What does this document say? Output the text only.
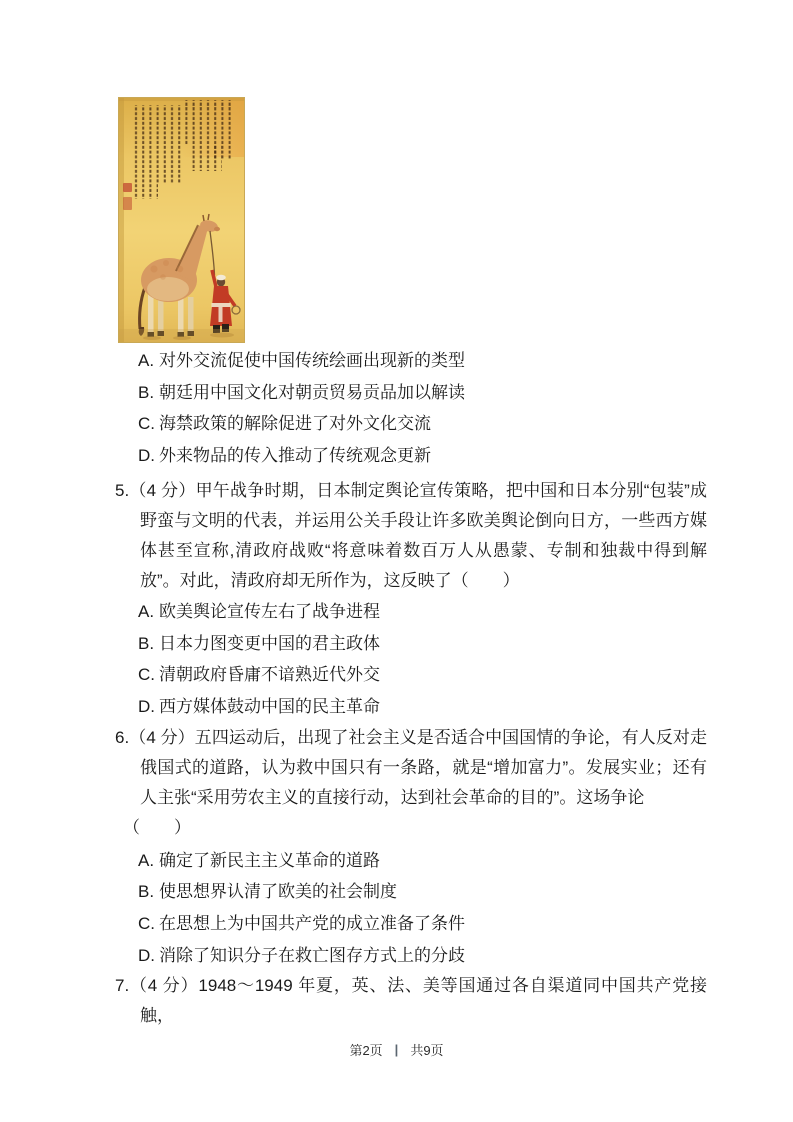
A. 对外交流促使中国传统绘画出现新的类型
B. 朝廷用中国文化对朝贡贸易贡品加以解读
C. 海禁政策的解除促进了对外文化交流
D. 外来物品的传入推动了传统观念更新

5.（4 分）甲午战争时期，日本制定舆论宣传策略，把中国和日本分别“包装”成野蛮与文明的代表，并运用公关手段让许多欧美舆论倒向日方，一些西方媒体甚至宣称,清政府战败“将意味着数百万人从愚蒙、专制和独裁中得到解放”。对此，清政府却无所作为，这反映了（　　）

A. 欧美舆论宣传左右了战争进程
B. 日本力图变更中国的君主政体
C. 清朝政府昏庸不谙熟近代外交
D. 西方媒体鼓动中国的民主革命

6.（4 分）五四运动后，出现了社会主义是否适合中国国情的争论，有人反对走俄国式的道路，认为救中国只有一条路，就是“增加富力”。发展实业；还有人主张“采用劳农主义的直接行动，达到社会革命的目的”。这场争论

（　　）
A. 确定了新民主主义革命的道路
B. 使思想界认清了欧美的社会制度
C. 在思想上为中国共产党的成立准备了条件
D. 消除了知识分子在救亡图存方式上的分歧

7.（4 分）1948～1949 年夏，英、法、美等国通过各自渠道同中国共产党接触，

第2页 | 共9页
